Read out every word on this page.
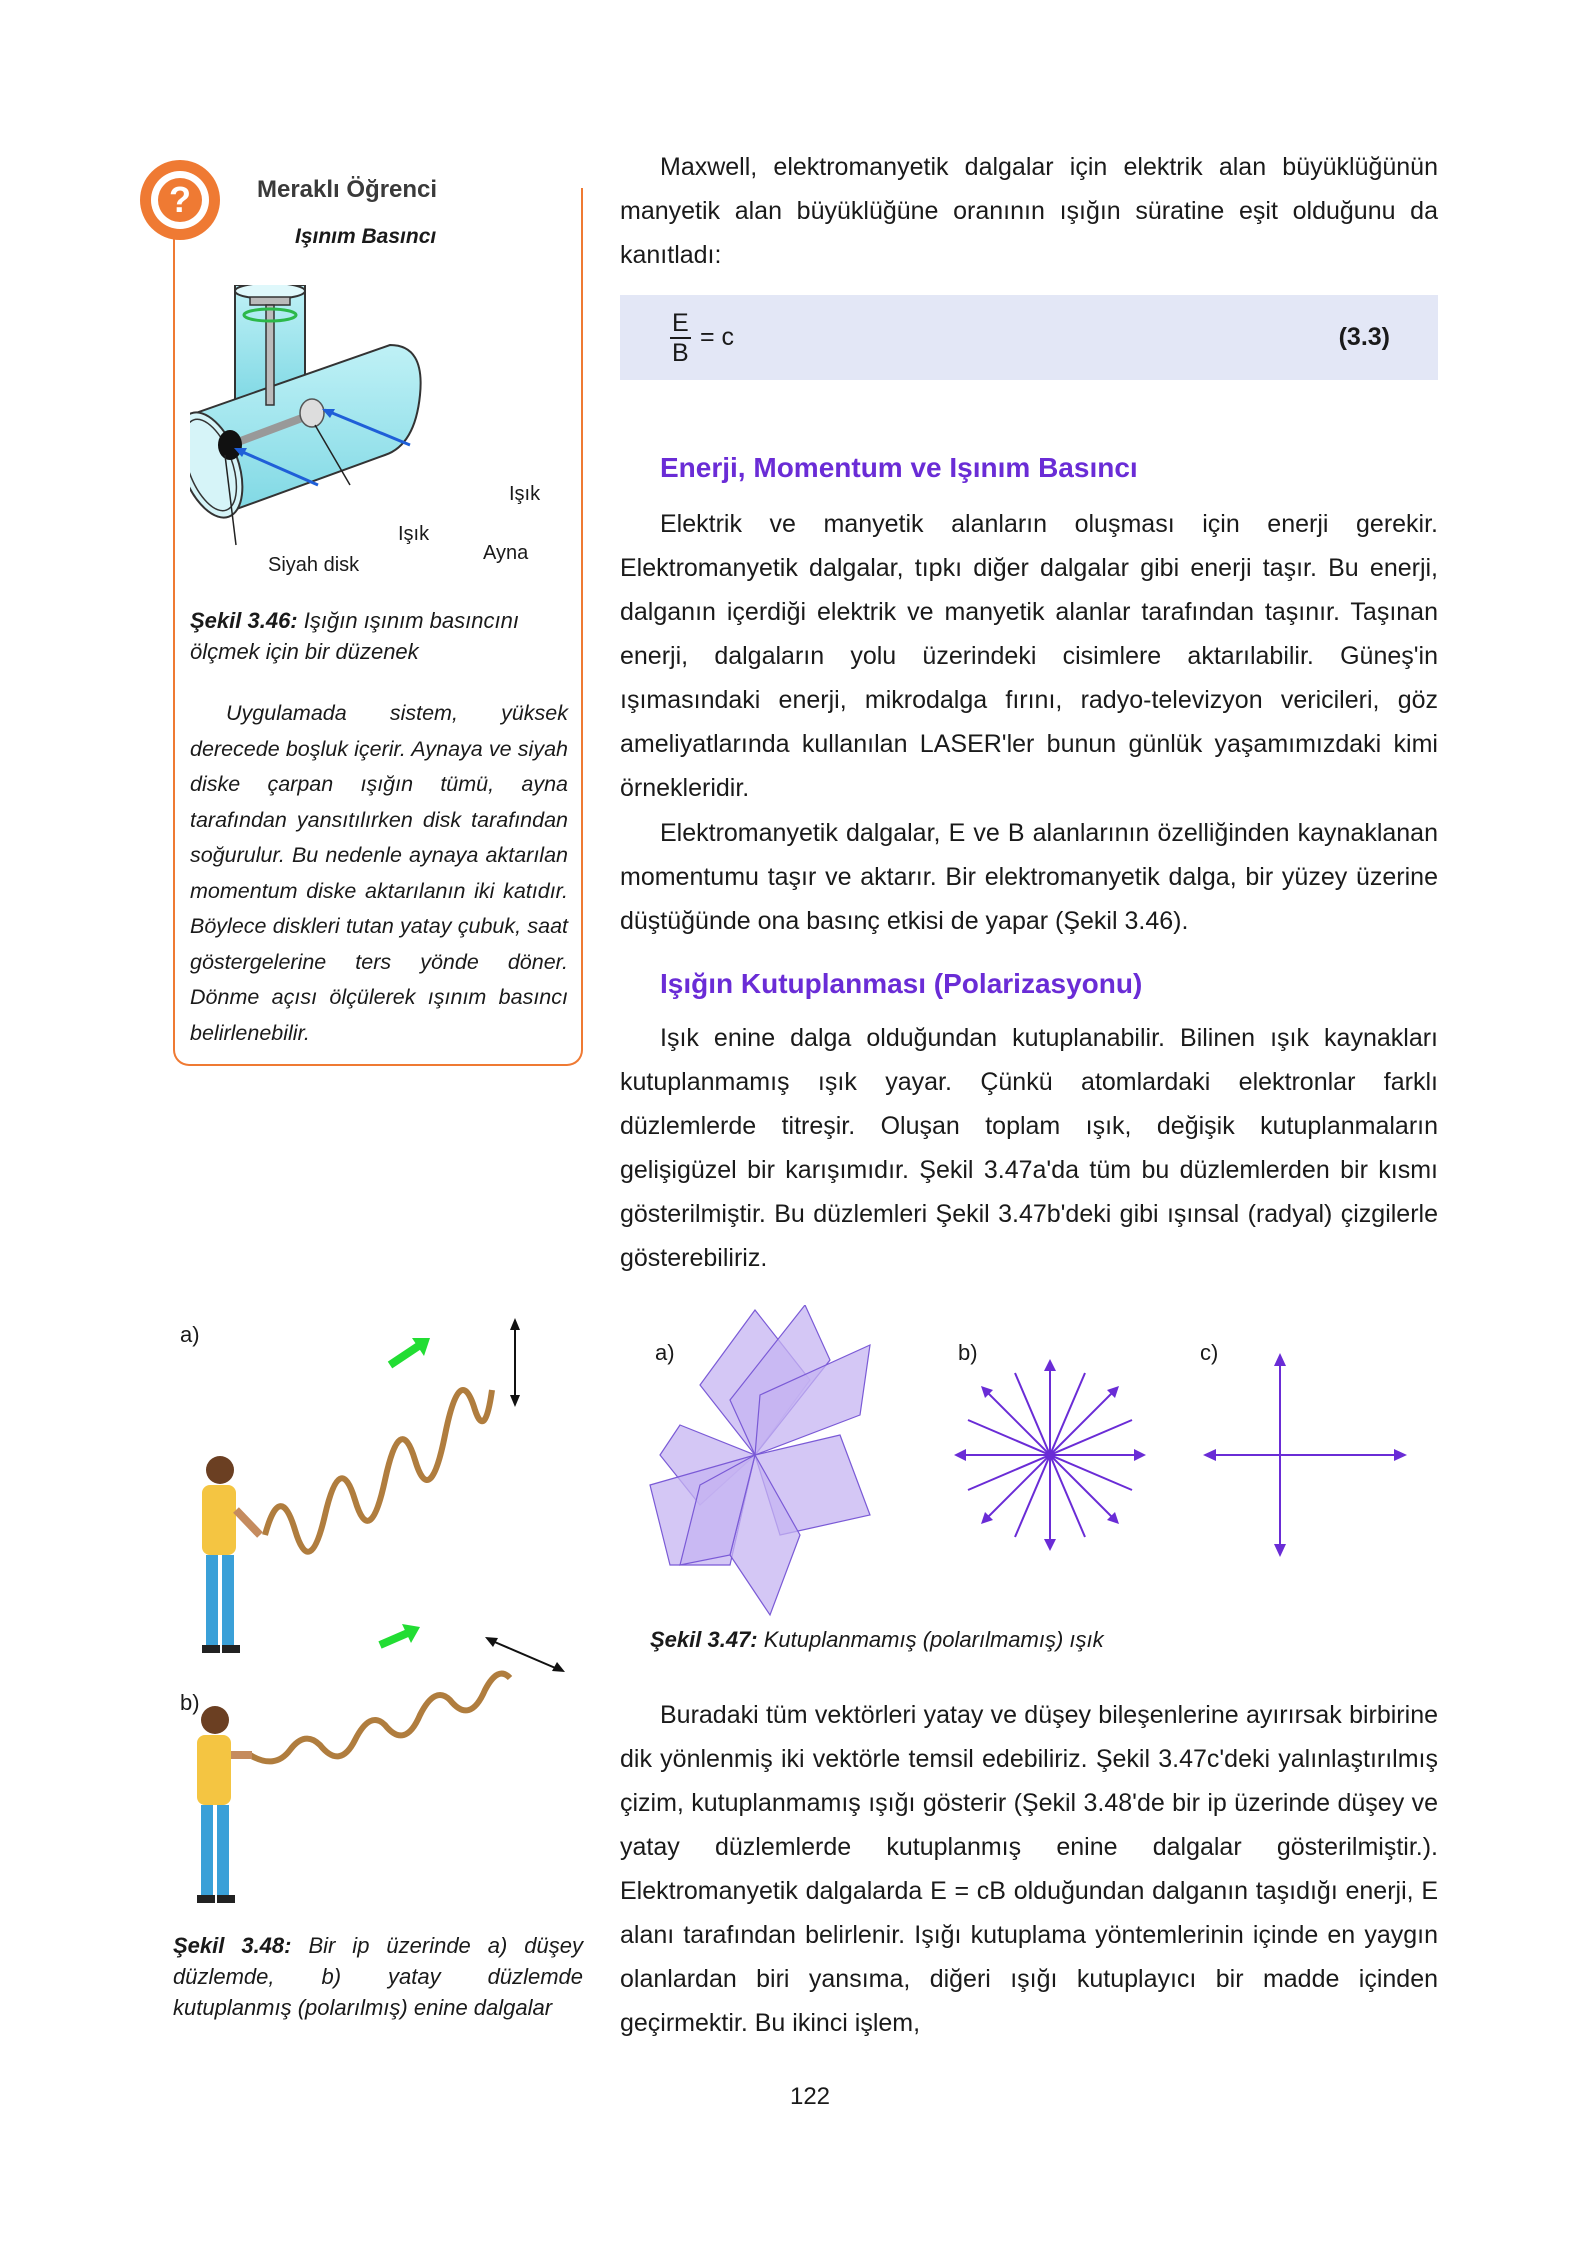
?	Meraklı Öğrenci
Işınım Basıncı
Işık
Işık
Ayna
Siyah disk
Şekil 3.46: Işığın ışınım basıncını ölçmek için bir düzenek
Uygulamada sistem, yüksek derecede boşluk içerir. Aynaya ve siyah diske çarpan ışığın tümü, ayna tarafından yansıtılırken disk tarafından soğurulur. Bu nedenle aynaya aktarılan momentum diske aktarılanın iki katıdır. Böylece diskleri tutan yatay çubuk, saat göstergelerine ters yönde döner. Dönme açısı ölçülerek ışınım basıncı belirlenebilir.
a)
b)
Şekil 3.48: Bir ip üzerinde a) düşey düzlemde, b) yatay düzlemde kutuplanmış (polarılmış) enine dalgalar
Maxwell, elektromanyetik dalgalar için elektrik alan büyüklüğünün manyetik alan büyüklüğüne oranının ışığın süratine eşit olduğunu da kanıtladı:
$\frac{E}{B} = c$	(3.3)
Enerji, Momentum ve Işınım Basıncı
Elektrik ve manyetik alanların oluşması için enerji gerekir. Elektromanyetik dalgalar, tıpkı diğer dalgalar gibi enerji taşır. Bu enerji, dalganın içerdiği elektrik ve manyetik alanlar tarafından taşınır. Taşınan enerji, dalgaların yolu üzerindeki cisimlere aktarılabilir. Güneş'in ışımasındaki enerji, mikrodalga fırını, radyo-televizyon vericileri, göz ameliyatlarında kullanılan LASER'ler bunun günlük yaşamımızdaki kimi örnekleridir.
Elektromanyetik dalgalar, E ve B alanlarının özelliğinden kaynaklanan momentumu taşır ve aktarır. Bir elektromanyetik dalga, bir yüzey üzerine düştüğünde ona basınç etkisi de yapar (Şekil 3.46).
Işığın Kutuplanması (Polarizasyonu)
Işık enine dalga olduğundan kutuplanabilir. Bilinen ışık kaynakları kutuplanmamış ışık yayar. Çünkü atomlardaki elektronlar farklı düzlemlerde titreşir. Oluşan toplam ışık, değişik kutuplanmaların gelişigüzel bir karışımıdır. Şekil 3.47a'da tüm bu düzlemlerden bir kısmı gösterilmiştir. Bu düzlemleri Şekil 3.47b'deki gibi ışınsal (radyal) çizgilerle gösterebiliriz.
a)	b)	c)
Şekil 3.47: Kutuplanmamış (polarılmamış) ışık
Buradaki tüm vektörleri yatay ve düşey bileşenlerine ayırırsak birbirine dik yönlenmiş iki vektörle temsil edebiliriz. Şekil 3.47c'deki yalınlaştırılmış çizim, kutuplanmamış ışığı gösterir (Şekil 3.48'de bir ip üzerinde düşey ve yatay düzlemlerde kutuplanmış enine dalgalar gösterilmiştir.). Elektromanyetik dalgalarda E = cB olduğundan dalganın taşıdığı enerji, E alanı tarafından belirlenir. Işığı kutuplama yöntemlerinin içinde en yaygın olanlardan biri yansıma, diğeri ışığı kutuplayıcı bir madde içinden geçirmektir. Bu ikinci işlem,
122
